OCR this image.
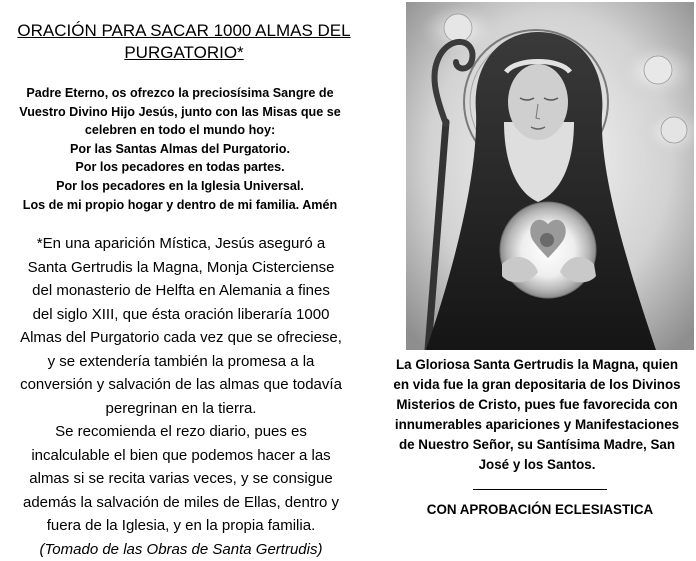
ORACIÓN PARA SACAR 1000 ALMAS DEL
PURGATORIO*
Padre Eterno, os ofrezco la preciosísima Sangre de
Vuestro Divino Hijo Jesús, junto con las Misas que se
celebren en todo el mundo hoy:
Por las Santas Almas del Purgatorio.
Por los pecadores en todas partes.
Por los pecadores en la Iglesia Universal.
Los de mi propio hogar y dentro de mi familia. Amén
*En una aparición Mística, Jesús aseguró a
Santa Gertrudis la Magna, Monja Cisterciense
del monasterio de Helfta en Alemania a fines
del siglo XIII, que ésta oración liberaría 1000
Almas del Purgatorio cada vez que se ofreciese,
y se extendería también la promesa a la
conversión y salvación de las almas que todavía
peregrinan en la tierra.
Se recomienda el rezo diario, pues es
incalculable el bien que podemos hacer a las
almas si se recita varias veces, y se consigue
además la salvación de miles de Ellas, dentro y
fuera de la Iglesia, y en la propia familia.
(Tomado de las Obras de Santa Gertrudis)
La Gloriosa Santa Gertrudis la Magna, quien
en vida fue la gran depositaria de los Divinos
Misterios de Cristo, pues fue favorecida con
innumerables apariciones y Manifestaciones
de Nuestro Señor, su Santísima Madre, San
José y los Santos.
CON APROBACIÓN ECLESIASTICA
